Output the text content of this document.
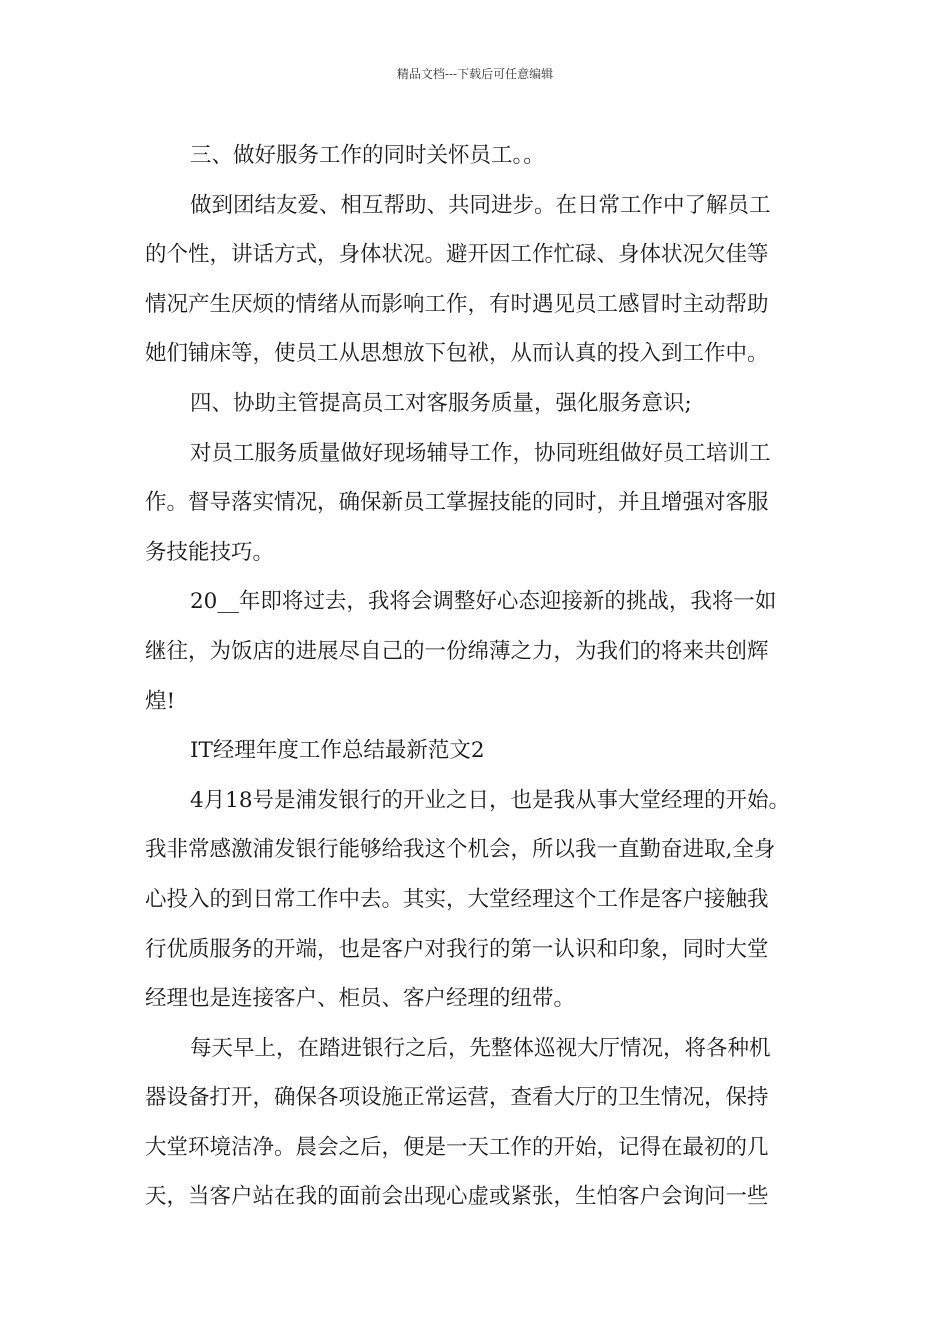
精品文档---下载后可任意编辑
三、做好服务工作的同时关怀员工。。
做到团结友爱、相互帮助、共同进步。在日常工作中了解员工
的个性，讲话方式，身体状况。避开因工作忙碌、身体状况欠佳等
情况产生厌烦的情绪从而影响工作，有时遇见员工感冒时主动帮助
她们铺床等，使员工从思想放下包袱，从而认真的投入到工作中。
四、协助主管提高员工对客服务质量，强化服务意识;
对员工服务质量做好现场辅导工作，协同班组做好员工培训工
作。督导落实情况，确保新员工掌握技能的同时，并且增强对客服
务技能技巧。
20__年即将过去，我将会调整好心态迎接新的挑战，我将一如
继往，为饭店的进展尽自己的一份绵薄之力，为我们的将来共创辉
煌!
IT经理年度工作总结最新范文2
4月18号是浦发银行的开业之日，也是我从事大堂经理的开始。
我非常感激浦发银行能够给我这个机会，所以我一直勤奋进取,全身
心投入的到日常工作中去。其实，大堂经理这个工作是客户接触我
行优质服务的开端，也是客户对我行的第一认识和印象，同时大堂
经理也是连接客户、柜员、客户经理的纽带。
每天早上，在踏进银行之后，先整体巡视大厅情况，将各种机
器设备打开，确保各项设施正常运营，查看大厅的卫生情况，保持
大堂环境洁净。晨会之后，便是一天工作的开始，记得在最初的几
天，当客户站在我的面前会出现心虚或紧张，生怕客户会询问一些
